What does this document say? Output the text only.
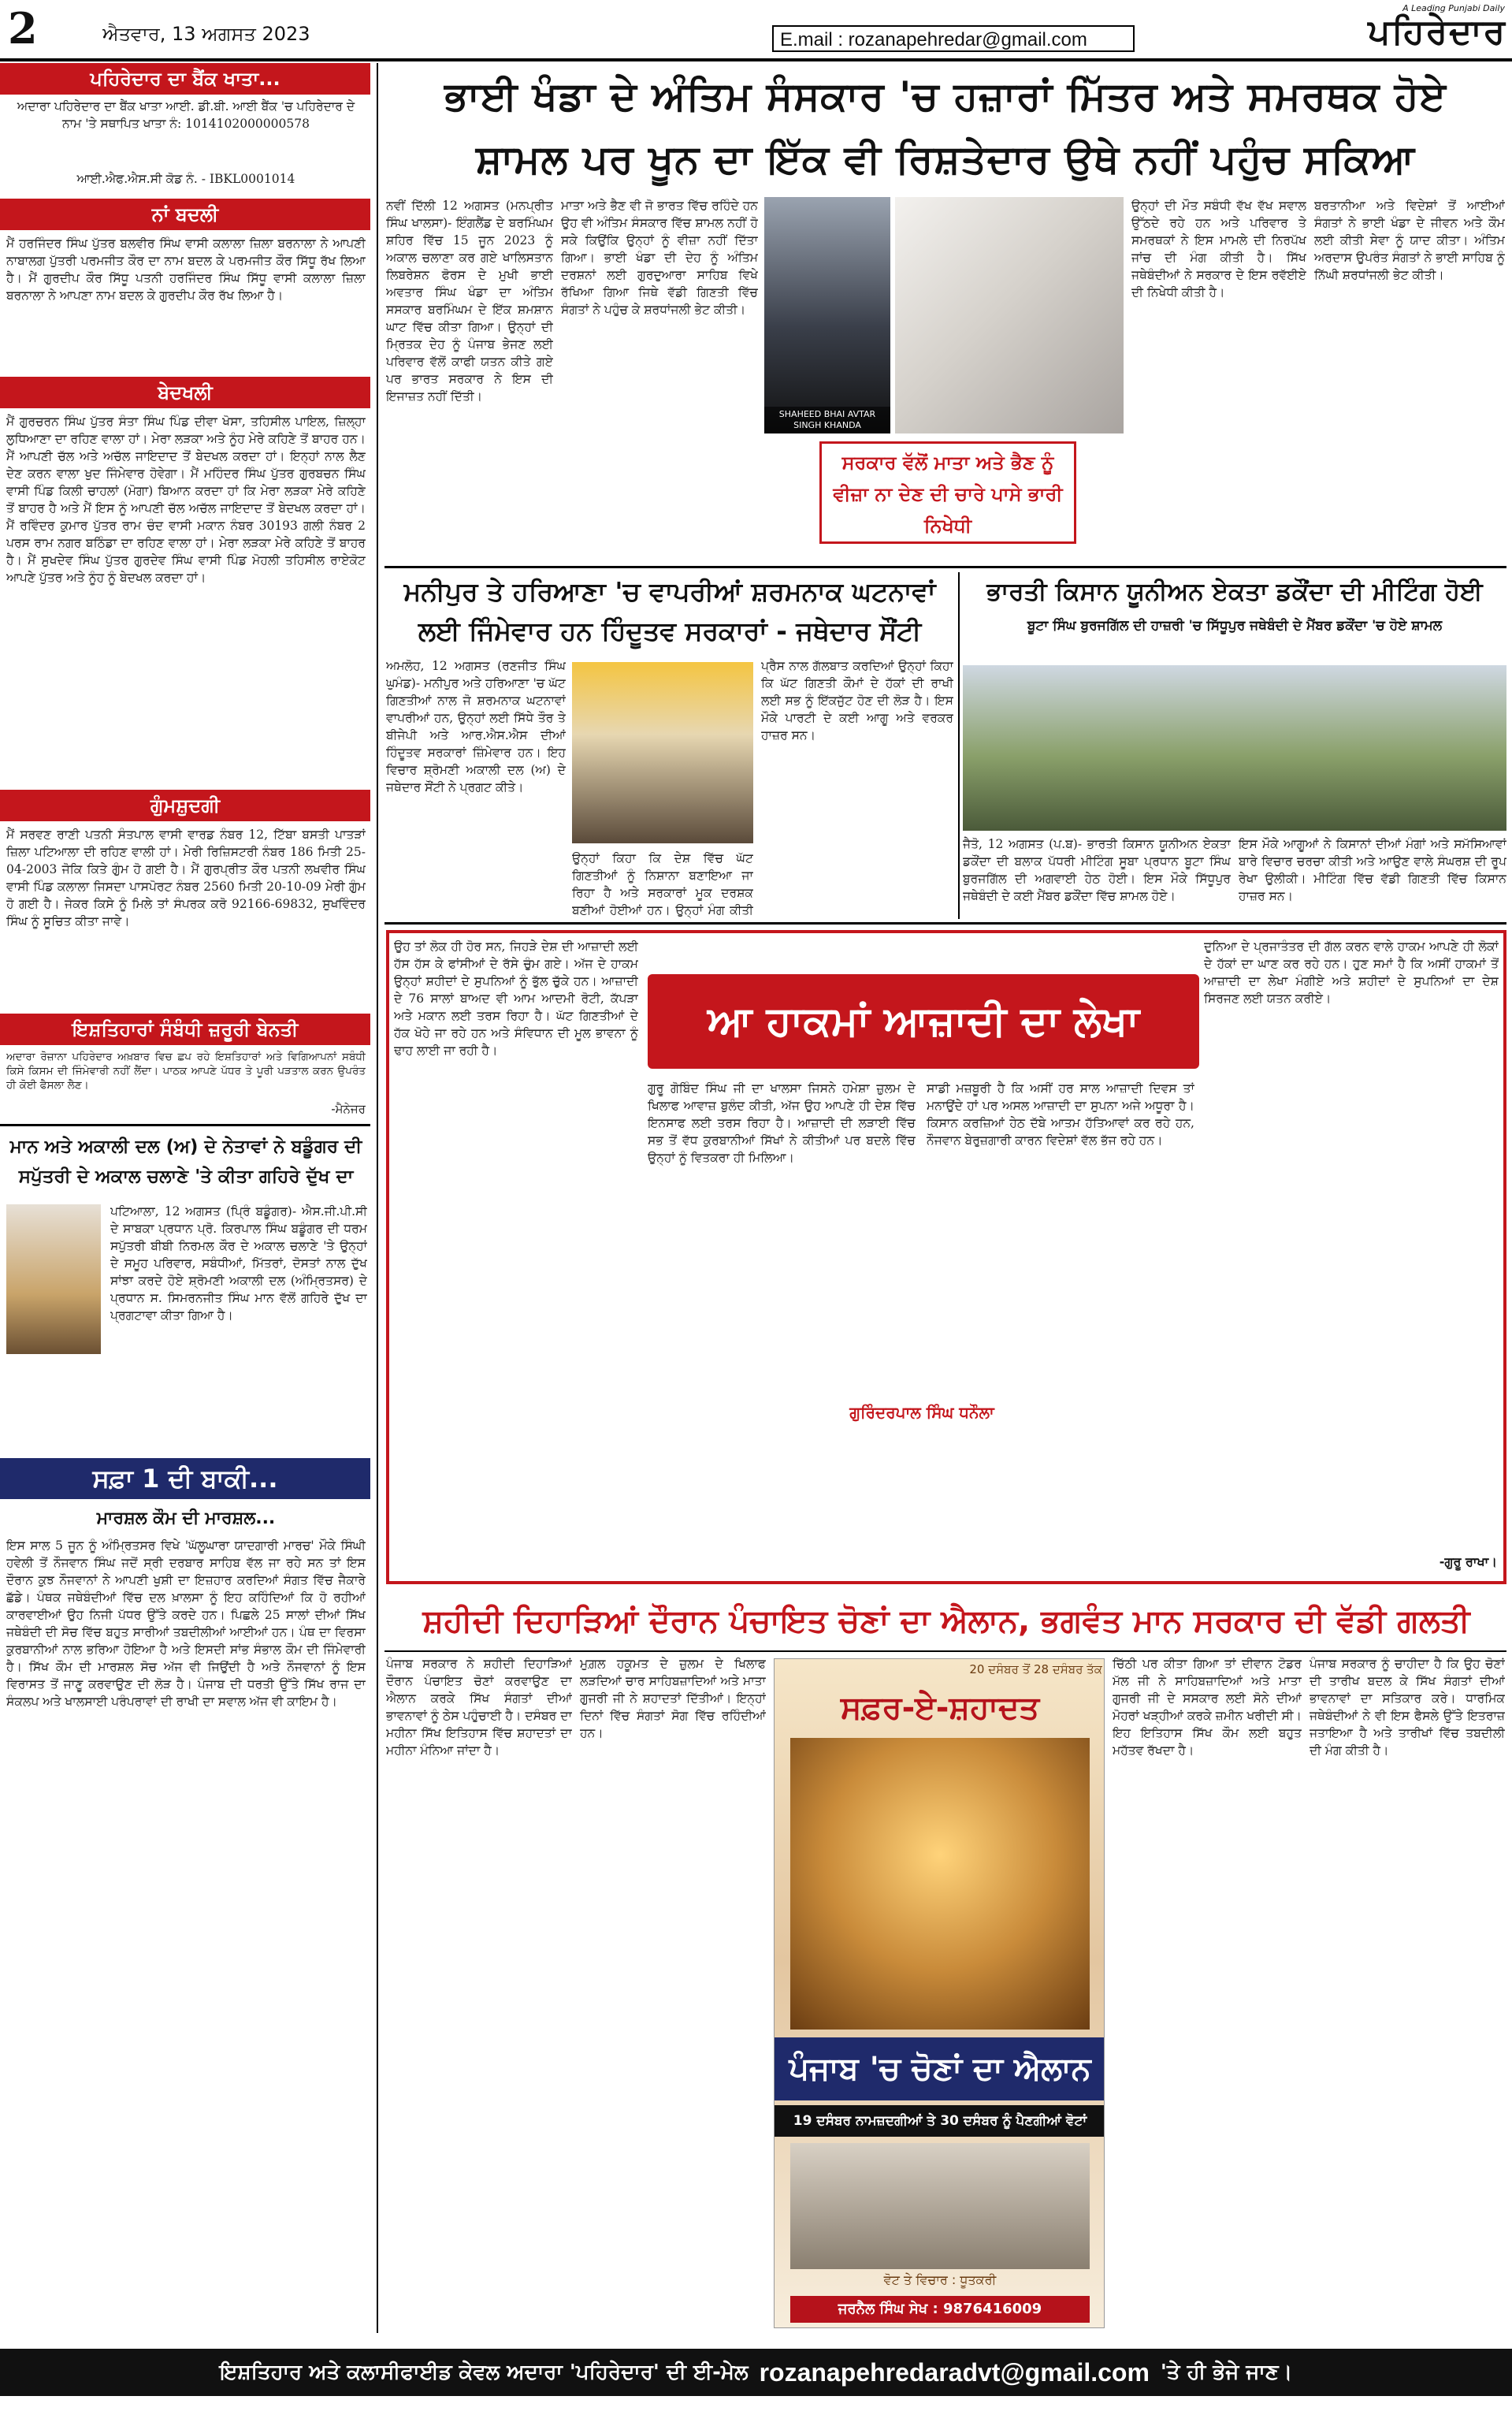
2	ਐਤਵਾਰ, 13 ਅਗਸਤ 2023	E.mail : rozanapehredar@gmail.com
A Leading Punjabi Daily
ਪਹਿਰੇਦਾਰ
ਪਹਿਰੇਦਾਰ ਦਾ ਬੈਂਕ ਖਾਤਾ...
ਅਦਾਰਾ ਪਹਿਰੇਦਾਰ ਦਾ ਬੈਂਕ ਖਾਤਾ ਆਈ. ਡੀ.ਬੀ. ਆਈ ਬੈਂਕ 'ਚ ਪਹਿਰੇਦਾਰ ਦੇ ਨਾਮ 'ਤੇ ਸਥਾਪਿਤ ਖਾਤਾ ਨੰ: 1014102000000578
ਆਈ.ਐਫ.ਐਸ.ਸੀ ਕੋਡ ਨੰ. - IBKL0001014
ਨਾਂ ਬਦਲੀ
ਮੈਂ ਹਰਜਿੰਦਰ ਸਿੰਘ ਪੁੱਤਰ ਬਲਵੀਰ ਸਿੰਘ ਵਾਸੀ ਕਲਾਲਾ ਜ਼ਿਲਾ ਬਰਨਾਲਾ ਨੇ ਆਪਣੀ ਨਾਬਾਲਗ ਪੁੱਤਰੀ ਪਰਮਜੀਤ ਕੌਰ ਦਾ ਨਾਮ ਬਦਲ ਕੇ ਪਰਮਜੀਤ ਕੌਰ ਸਿੱਧੂ ਰੱਖ ਲਿਆ ਹੈ। ਮੈਂ ਗੁਰਦੀਪ ਕੌਰ ਸਿੱਧੂ ਪਤਨੀ ਹਰਜਿੰਦਰ ਸਿੰਘ ਸਿੱਧੂ ਵਾਸੀ ਕਲਾਲਾ ਜ਼ਿਲਾ ਬਰਨਾਲਾ ਨੇ ਆਪਣਾ ਨਾਮ ਬਦਲ ਕੇ ਗੁਰਦੀਪ ਕੌਰ ਰੱਖ ਲਿਆ ਹੈ।
ਬੇਦਖਲੀ
ਮੈਂ ਗੁਰਚਰਨ ਸਿੰਘ ਪੁੱਤਰ ਸੰਤਾ ਸਿੰਘ ਪਿੰਡ ਦੀਵਾ ਖੋਸਾ, ਤਹਿਸੀਲ ਪਾਇਲ, ਜ਼ਿਲ੍ਹਾ ਲੁਧਿਆਣਾ ਦਾ ਰਹਿਣ ਵਾਲਾ ਹਾਂ। ਮੇਰਾ ਲੜਕਾ ਅਤੇ ਨੂੰਹ ਮੇਰੇ ਕਹਿਣੇ ਤੋਂ ਬਾਹਰ ਹਨ। ਮੈਂ ਆਪਣੀ ਚੱਲ ਅਤੇ ਅਚੱਲ ਜਾਇਦਾਦ ਤੋਂ ਬੇਦਖਲ ਕਰਦਾ ਹਾਂ। ਇਨ੍ਹਾਂ ਨਾਲ ਲੈਣ ਦੇਣ ਕਰਨ ਵਾਲਾ ਖੁਦ ਜਿੰਮੇਵਾਰ ਹੋਵੇਗਾ। ਮੈਂ ਮਹਿੰਦਰ ਸਿੰਘ ਪੁੱਤਰ ਗੁਰਬਚਨ ਸਿੰਘ ਵਾਸੀ ਪਿੰਡ ਕਿਲੀ ਚਾਹਲਾਂ (ਮੋਗਾ) ਬਿਆਨ ਕਰਦਾ ਹਾਂ ਕਿ ਮੇਰਾ ਲੜਕਾ ਮੇਰੇ ਕਹਿਣੇ ਤੋਂ ਬਾਹਰ ਹੈ ਅਤੇ ਮੈਂ ਇਸ ਨੂੰ ਆਪਣੀ ਚੱਲ ਅਚੱਲ ਜਾਇਦਾਦ ਤੋਂ ਬੇਦਖਲ ਕਰਦਾ ਹਾਂ। ਮੈਂ ਰਵਿੰਦਰ ਕੁਮਾਰ ਪੁੱਤਰ ਰਾਮ ਚੰਦ ਵਾਸੀ ਮਕਾਨ ਨੰਬਰ 30193 ਗਲੀ ਨੰਬਰ 2 ਪਰਸ ਰਾਮ ਨਗਰ ਬਠਿੰਡਾ ਦਾ ਰਹਿਣ ਵਾਲਾ ਹਾਂ। ਮੇਰਾ ਲੜਕਾ ਮੇਰੇ ਕਹਿਣੇ ਤੋਂ ਬਾਹਰ ਹੈ। ਮੈਂ ਸੁਖਦੇਵ ਸਿੰਘ ਪੁੱਤਰ ਗੁਰਦੇਵ ਸਿੰਘ ਵਾਸੀ ਪਿੰਡ ਮੋਹਲੀ ਤਹਿਸੀਲ ਰਾਏਕੋਟ ਆਪਣੇ ਪੁੱਤਰ ਅਤੇ ਨੂੰਹ ਨੂੰ ਬੇਦਖਲ ਕਰਦਾ ਹਾਂ।
ਗੁੰਮਸ਼ੁਦਗੀ
ਮੈਂ ਸਰਵਣ ਰਾਣੀ ਪਤਨੀ ਸੰਤਪਾਲ ਵਾਸੀ ਵਾਰਡ ਨੰਬਰ 12, ਟਿੱਬਾ ਬਸਤੀ ਪਾਤੜਾਂ ਜ਼ਿਲਾ ਪਟਿਆਲਾ ਦੀ ਰਹਿਣ ਵਾਲੀ ਹਾਂ। ਮੇਰੀ ਰਿਜ਼ਿਸਟਰੀ ਨੰਬਰ 186 ਮਿਤੀ 25-04-2003 ਜੋਕਿ ਕਿਤੇ ਗੁੰਮ ਹੋ ਗਈ ਹੈ। ਮੈਂ ਗੁਰਪ੍ਰੀਤ ਕੌਰ ਪਤਨੀ ਲਖਵੀਰ ਸਿੰਘ ਵਾਸੀ ਪਿੰਡ ਕਲਾਲਾ ਜਿਸਦਾ ਪਾਸਪੋਰਟ ਨੰਬਰ 2560 ਮਿਤੀ 20-10-09 ਮੇਰੀ ਗੁੰਮ ਹੋ ਗਈ ਹੈ। ਜੇਕਰ ਕਿਸੇ ਨੂੰ ਮਿਲੇ ਤਾਂ ਸੰਪਰਕ ਕਰੋ 92166-69832, ਸੁਖਵਿੰਦਰ ਸਿੰਘ ਨੂੰ ਸੂਚਿਤ ਕੀਤਾ ਜਾਵੇ।
ਇਸ਼ਤਿਹਾਰਾਂ ਸੰਬੰਧੀ ਜ਼ਰੂਰੀ ਬੇਨਤੀ
ਅਦਾਰਾ ਰੋਜ਼ਾਨਾ ਪਹਿਰੇਦਾਰ ਅਖ਼ਬਾਰ ਵਿਚ ਛਪ ਰਹੇ ਇਸ਼ਤਿਹਾਰਾਂ ਅਤੇ ਵਿਗਿਆਪਨਾਂ ਸਬੰਧੀ ਕਿਸੇ ਕਿਸਮ ਦੀ ਜਿੰਮੇਵਾਰੀ ਨਹੀਂ ਲੈਂਦਾ। ਪਾਠਕ ਆਪਣੇ ਪੱਧਰ ਤੇ ਪੂਰੀ ਪੜਤਾਲ ਕਰਨ ਉਪਰੰਤ ਹੀ ਕੋਈ ਫੈਸਲਾ ਲੈਣ।
-ਮੈਨੇਜਰ
ਮਾਨ ਅਤੇ ਅਕਾਲੀ ਦਲ (ਅ) ਦੇ ਨੇਤਾਵਾਂ ਨੇ ਬਡੂੰਗਰ ਦੀ ਸਪੁੱਤਰੀ ਦੇ ਅਕਾਲ ਚਲਾਣੇ 'ਤੇ ਕੀਤਾ ਗਹਿਰੇ ਦੁੱਖ ਦਾ
ਪਟਿਆਲਾ, 12 ਅਗਸਤ (ਪ੍ਰਿੰ ਬਡੂੰਗਰ)- ਐਸ.ਜੀ.ਪੀ.ਸੀ ਦੇ ਸਾਬਕਾ ਪ੍ਰਧਾਨ ਪ੍ਰੋ. ਕਿਰਪਾਲ ਸਿੰਘ ਬਡੂੰਗਰ ਦੀ ਧਰਮ ਸਪੁੱਤਰੀ ਬੀਬੀ ਨਿਰਮਲ ਕੌਰ ਦੇ ਅਕਾਲ ਚਲਾਣੇ 'ਤੇ ਉਨ੍ਹਾਂ ਦੇ ਸਮੂਹ ਪਰਿਵਾਰ, ਸਬੰਧੀਆਂ, ਮਿੱਤਰਾਂ, ਦੋਸਤਾਂ ਨਾਲ ਦੁੱਖ ਸਾਂਝਾ ਕਰਦੇ ਹੋਏ ਸ਼੍ਰੋਮਣੀ ਅਕਾਲੀ ਦਲ (ਅੰਮ੍ਰਿਤਸਰ) ਦੇ ਪ੍ਰਧਾਨ ਸ. ਸਿਮਰਨਜੀਤ ਸਿੰਘ ਮਾਨ ਵੱਲੋਂ ਗਹਿਰੇ ਦੁੱਖ ਦਾ ਪ੍ਰਗਟਾਵਾ ਕੀਤਾ ਗਿਆ ਹੈ।
ਸਫ਼ਾ 1 ਦੀ ਬਾਕੀ...
ਮਾਰਸ਼ਲ ਕੌਮ ਦੀ ਮਾਰਸ਼ਲ...
ਇਸ ਸਾਲ 5 ਜੂਨ ਨੂੰ ਅੰਮ੍ਰਿਤਸਰ ਵਿਖੇ 'ਘੱਲੂਘਾਰਾ ਯਾਦਗਾਰੀ ਮਾਰਚ' ਮੌਕੇ ਸਿੰਘੀ ਹਵੇਲੀ ਤੋਂ ਨੌਜਵਾਨ ਸਿੰਘ ਜਦੋਂ ਸ੍ਰੀ ਦਰਬਾਰ ਸਾਹਿਬ ਵੱਲ ਜਾ ਰਹੇ ਸਨ ਤਾਂ ਇਸ ਦੌਰਾਨ ਕੁਝ ਨੌਜਵਾਨਾਂ ਨੇ ਆਪਣੀ ਖੁਸ਼ੀ ਦਾ ਇਜ਼ਹਾਰ ਕਰਦਿਆਂ ਸੰਗਤ ਵਿੱਚ ਜੈਕਾਰੇ ਛੱਡੇ। ਪੰਥਕ ਜਥੇਬੰਦੀਆਂ ਵਿੱਚ ਦਲ ਖ਼ਾਲਸਾ ਨੂੰ ਇਹ ਕਹਿੰਦਿਆਂ ਕਿ ਹੋ ਰਹੀਆਂ ਕਾਰਵਾਈਆਂ ਉਹ ਨਿਜੀ ਪੱਧਰ ਉੱਤੇ ਕਰਦੇ ਹਨ। ਪਿਛਲੇ 25 ਸਾਲਾਂ ਦੀਆਂ ਸਿੱਖ ਜਥੇਬੰਦੀ ਦੀ ਸੋਚ ਵਿੱਚ ਬਹੁਤ ਸਾਰੀਆਂ ਤਬਦੀਲੀਆਂ ਆਈਆਂ ਹਨ। ਪੰਥ ਦਾ ਵਿਰਸਾ ਕੁਰਬਾਨੀਆਂ ਨਾਲ ਭਰਿਆ ਹੋਇਆ ਹੈ ਅਤੇ ਇਸਦੀ ਸਾਂਭ ਸੰਭਾਲ ਕੌਮ ਦੀ ਜਿੰਮੇਵਾਰੀ ਹੈ। ਸਿੱਖ ਕੌਮ ਦੀ ਮਾਰਸ਼ਲ ਸੋਚ ਅੱਜ ਵੀ ਜਿਉਂਦੀ ਹੈ ਅਤੇ ਨੌਜਵਾਨਾਂ ਨੂੰ ਇਸ ਵਿਰਾਸਤ ਤੋਂ ਜਾਣੂ ਕਰਵਾਉਣ ਦੀ ਲੋੜ ਹੈ। ਪੰਜਾਬ ਦੀ ਧਰਤੀ ਉੱਤੇ ਸਿੱਖ ਰਾਜ ਦਾ ਸੰਕਲਪ ਅਤੇ ਖਾਲਸਾਈ ਪਰੰਪਰਾਵਾਂ ਦੀ ਰਾਖੀ ਦਾ ਸਵਾਲ ਅੱਜ ਵੀ ਕਾਇਮ ਹੈ।
ਭਾਈ ਖੰਡਾ ਦੇ ਅੰਤਿਮ ਸੰਸਕਾਰ 'ਚ ਹਜ਼ਾਰਾਂ ਮਿੱਤਰ ਅਤੇ ਸਮਰਥਕ ਹੋਏ
ਸ਼ਾਮਲ ਪਰ ਖੂਨ ਦਾ ਇੱਕ ਵੀ ਰਿਸ਼ਤੇਦਾਰ ਉਥੇ ਨਹੀਂ ਪਹੁੰਚ ਸਕਿਆ
ਨਵੀਂ ਦਿੱਲੀ 12 ਅਗਸਤ (ਮਨਪ੍ਰੀਤ ਸਿੰਘ ਖਾਲਸਾ)- ਇੰਗਲੈਂਡ ਦੇ ਬਰਮਿੰਘਮ ਸ਼ਹਿਰ ਵਿੱਚ 15 ਜੂਨ 2023 ਨੂੰ ਅਕਾਲ ਚਲਾਣਾ ਕਰ ਗਏ ਖਾਲਿਸਤਾਨ ਲਿਬਰੇਸ਼ਨ ਫੋਰਸ ਦੇ ਮੁਖੀ ਭਾਈ ਅਵਤਾਰ ਸਿੰਘ ਖੰਡਾ ਦਾ ਅੰਤਿਮ ਸਸਕਾਰ ਬਰਮਿੰਘਮ ਦੇ ਇੱਕ ਸ਼ਮਸ਼ਾਨ ਘਾਟ ਵਿੱਚ ਕੀਤਾ ਗਿਆ। ਉਨ੍ਹਾਂ ਦੀ ਮ੍ਰਿਤਕ ਦੇਹ ਨੂੰ ਪੰਜਾਬ ਭੇਜਣ ਲਈ ਪਰਿਵਾਰ ਵੱਲੋਂ ਕਾਫੀ ਯਤਨ ਕੀਤੇ ਗਏ ਪਰ ਭਾਰਤ ਸਰਕਾਰ ਨੇ ਇਸ ਦੀ ਇਜਾਜ਼ਤ ਨਹੀਂ ਦਿੱਤੀ।
ਮਾਤਾ ਅਤੇ ਭੈਣ ਵੀ ਜੋ ਭਾਰਤ ਵਿੱਚ ਰਹਿੰਦੇ ਹਨ ਉਹ ਵੀ ਅੰਤਿਮ ਸੰਸਕਾਰ ਵਿੱਚ ਸ਼ਾਮਲ ਨਹੀਂ ਹੋ ਸਕੇ ਕਿਉਂਕਿ ਉਨ੍ਹਾਂ ਨੂੰ ਵੀਜ਼ਾ ਨਹੀਂ ਦਿੱਤਾ ਗਿਆ। ਭਾਈ ਖੰਡਾ ਦੀ ਦੇਹ ਨੂੰ ਅੰਤਿਮ ਦਰਸ਼ਨਾਂ ਲਈ ਗੁਰਦੁਆਰਾ ਸਾਹਿਬ ਵਿਖੇ ਰੱਖਿਆ ਗਿਆ ਜਿਥੇ ਵੱਡੀ ਗਿਣਤੀ ਵਿੱਚ ਸੰਗਤਾਂ ਨੇ ਪਹੁੰਚ ਕੇ ਸ਼ਰਧਾਂਜਲੀ ਭੇਟ ਕੀਤੀ।
SHAHEED BHAI AVTAR SINGH KHANDA
ਸਰਕਾਰ ਵੱਲੋਂ ਮਾਤਾ ਅਤੇ ਭੈਣ ਨੂੰ ਵੀਜ਼ਾ ਨਾ ਦੇਣ ਦੀ ਚਾਰੇ ਪਾਸੇ ਭਾਰੀ ਨਿਖੇਧੀ
ਉਨ੍ਹਾਂ ਦੀ ਮੌਤ ਸਬੰਧੀ ਵੱਖ ਵੱਖ ਸਵਾਲ ਉੱਠਦੇ ਰਹੇ ਹਨ ਅਤੇ ਪਰਿਵਾਰ ਤੇ ਸਮਰਥਕਾਂ ਨੇ ਇਸ ਮਾਮਲੇ ਦੀ ਨਿਰਪੱਖ ਜਾਂਚ ਦੀ ਮੰਗ ਕੀਤੀ ਹੈ। ਸਿੱਖ ਜਥੇਬੰਦੀਆਂ ਨੇ ਸਰਕਾਰ ਦੇ ਇਸ ਰਵੱਈਏ ਦੀ ਨਿਖੇਧੀ ਕੀਤੀ ਹੈ।
ਬਰਤਾਨੀਆ ਅਤੇ ਵਿਦੇਸ਼ਾਂ ਤੋਂ ਆਈਆਂ ਸੰਗਤਾਂ ਨੇ ਭਾਈ ਖੰਡਾ ਦੇ ਜੀਵਨ ਅਤੇ ਕੌਮ ਲਈ ਕੀਤੀ ਸੇਵਾ ਨੂੰ ਯਾਦ ਕੀਤਾ। ਅੰਤਿਮ ਅਰਦਾਸ ਉਪਰੰਤ ਸੰਗਤਾਂ ਨੇ ਭਾਈ ਸਾਹਿਬ ਨੂੰ ਨਿੱਘੀ ਸ਼ਰਧਾਂਜਲੀ ਭੇਟ ਕੀਤੀ।
ਮਨੀਪੁਰ ਤੇ ਹਰਿਆਣਾ 'ਚ ਵਾਪਰੀਆਂ ਸ਼ਰਮਨਾਕ ਘਟਨਾਵਾਂ
ਲਈ ਜਿੰਮੇਵਾਰ ਹਨ ਹਿੰਦੂਤਵ ਸਰਕਾਰਾਂ - ਜਥੇਦਾਰ ਸੌਂਟੀ
ਅਮਲੋਹ, 12 ਅਗਸਤ (ਰਣਜੀਤ ਸਿੰਘ ਘੁਮੰਡ)- ਮਨੀਪੁਰ ਅਤੇ ਹਰਿਆਣਾ 'ਚ ਘੱਟ ਗਿਣਤੀਆਂ ਨਾਲ ਜੋ ਸ਼ਰਮਨਾਕ ਘਟਨਾਵਾਂ ਵਾਪਰੀਆਂ ਹਨ, ਉਨ੍ਹਾਂ ਲਈ ਸਿੱਧੇ ਤੌਰ ਤੇ ਬੀਜੇਪੀ ਅਤੇ ਆਰ.ਐਸ.ਐਸ ਦੀਆਂ ਹਿੰਦੂਤਵ ਸਰਕਾਰਾਂ ਜ਼ਿੰਮੇਵਾਰ ਹਨ। ਇਹ ਵਿਚਾਰ ਸ਼੍ਰੋਮਣੀ ਅਕਾਲੀ ਦਲ (ਅ) ਦੇ ਜਥੇਦਾਰ ਸੌਂਟੀ ਨੇ ਪ੍ਰਗਟ ਕੀਤੇ।
ਉਨ੍ਹਾਂ ਕਿਹਾ ਕਿ ਦੇਸ਼ ਵਿੱਚ ਘੱਟ ਗਿਣਤੀਆਂ ਨੂੰ ਨਿਸ਼ਾਨਾ ਬਣਾਇਆ ਜਾ ਰਿਹਾ ਹੈ ਅਤੇ ਸਰਕਾਰਾਂ ਮੂਕ ਦਰਸ਼ਕ ਬਣੀਆਂ ਹੋਈਆਂ ਹਨ। ਉਨ੍ਹਾਂ ਮੰਗ ਕੀਤੀ
ਪ੍ਰੈਸ ਨਾਲ ਗੱਲਬਾਤ ਕਰਦਿਆਂ ਉਨ੍ਹਾਂ ਕਿਹਾ ਕਿ ਘੱਟ ਗਿਣਤੀ ਕੌਮਾਂ ਦੇ ਹੱਕਾਂ ਦੀ ਰਾਖੀ ਲਈ ਸਭ ਨੂੰ ਇੱਕਜੁੱਟ ਹੋਣ ਦੀ ਲੋੜ ਹੈ। ਇਸ ਮੌਕੇ ਪਾਰਟੀ ਦੇ ਕਈ ਆਗੂ ਅਤੇ ਵਰਕਰ ਹਾਜ਼ਰ ਸਨ।
ਭਾਰਤੀ ਕਿਸਾਨ ਯੂਨੀਅਨ ਏਕਤਾ ਡਕੌਂਦਾ ਦੀ ਮੀਟਿੰਗ ਹੋਈ
ਬੂਟਾ ਸਿੰਘ ਬੁਰਜਗਿੱਲ ਦੀ ਹਾਜ਼ਰੀ 'ਚ ਸਿੱਧੂਪੁਰ ਜਥੇਬੰਦੀ ਦੇ ਮੈਂਬਰ ਡਕੌਂਦਾ 'ਚ ਹੋਏ ਸ਼ਾਮਲ
ਜੈਤੋ, 12 ਅਗਸਤ (ਪ.ਬ)- ਭਾਰਤੀ ਕਿਸਾਨ ਯੂਨੀਅਨ ਏਕਤਾ ਡਕੌਂਦਾ ਦੀ ਬਲਾਕ ਪੱਧਰੀ ਮੀਟਿੰਗ ਸੂਬਾ ਪ੍ਰਧਾਨ ਬੂਟਾ ਸਿੰਘ ਬੁਰਜਗਿੱਲ ਦੀ ਅਗਵਾਈ ਹੇਠ ਹੋਈ। ਇਸ ਮੌਕੇ ਸਿੱਧੂਪੁਰ ਜਥੇਬੰਦੀ ਦੇ ਕਈ ਮੈਂਬਰ ਡਕੌਂਦਾ ਵਿੱਚ ਸ਼ਾਮਲ ਹੋਏ।
ਇਸ ਮੌਕੇ ਆਗੂਆਂ ਨੇ ਕਿਸਾਨਾਂ ਦੀਆਂ ਮੰਗਾਂ ਅਤੇ ਸਮੱਸਿਆਵਾਂ ਬਾਰੇ ਵਿਚਾਰ ਚਰਚਾ ਕੀਤੀ ਅਤੇ ਆਉਣ ਵਾਲੇ ਸੰਘਰਸ਼ ਦੀ ਰੂਪ ਰੇਖਾ ਉਲੀਕੀ। ਮੀਟਿੰਗ ਵਿੱਚ ਵੱਡੀ ਗਿਣਤੀ ਵਿੱਚ ਕਿਸਾਨ ਹਾਜ਼ਰ ਸਨ।
ਉਹ ਤਾਂ ਲੋਕ ਹੀ ਹੋਰ ਸਨ, ਜਿਹੜੇ ਦੇਸ਼ ਦੀ ਆਜ਼ਾਦੀ ਲਈ ਹੱਸ ਹੱਸ ਕੇ ਫਾਂਸੀਆਂ ਦੇ ਰੱਸੇ ਚੁੰਮ ਗਏ। ਅੱਜ ਦੇ ਹਾਕਮ ਉਨ੍ਹਾਂ ਸ਼ਹੀਦਾਂ ਦੇ ਸੁਪਨਿਆਂ ਨੂੰ ਭੁੱਲ ਚੁੱਕੇ ਹਨ। ਆਜ਼ਾਦੀ ਦੇ 76 ਸਾਲਾਂ ਬਾਅਦ ਵੀ ਆਮ ਆਦਮੀ ਰੋਟੀ, ਕੱਪੜਾ ਅਤੇ ਮਕਾਨ ਲਈ ਤਰਸ ਰਿਹਾ ਹੈ। ਘੱਟ ਗਿਣਤੀਆਂ ਦੇ ਹੱਕ ਖੋਹੇ ਜਾ ਰਹੇ ਹਨ ਅਤੇ ਸੰਵਿਧਾਨ ਦੀ ਮੂਲ ਭਾਵਨਾ ਨੂੰ ਢਾਹ ਲਾਈ ਜਾ ਰਹੀ ਹੈ।
ਆ ਹਾਕਮਾਂ ਆਜ਼ਾਦੀ ਦਾ ਲੇਖਾ
ਗੁਰੂ ਗੋਬਿੰਦ ਸਿੰਘ ਜੀ ਦਾ ਖਾਲਸਾ ਜਿਸਨੇ ਹਮੇਸ਼ਾ ਜ਼ੁਲਮ ਦੇ ਖਿਲਾਫ ਆਵਾਜ਼ ਬੁਲੰਦ ਕੀਤੀ, ਅੱਜ ਉਹ ਆਪਣੇ ਹੀ ਦੇਸ਼ ਵਿੱਚ ਇਨਸਾਫ ਲਈ ਤਰਸ ਰਿਹਾ ਹੈ। ਆਜ਼ਾਦੀ ਦੀ ਲੜਾਈ ਵਿੱਚ ਸਭ ਤੋਂ ਵੱਧ ਕੁਰਬਾਨੀਆਂ ਸਿੱਖਾਂ ਨੇ ਕੀਤੀਆਂ ਪਰ ਬਦਲੇ ਵਿੱਚ ਉਨ੍ਹਾਂ ਨੂੰ ਵਿਤਕਰਾ ਹੀ ਮਿਲਿਆ।
ਗੁਰਿੰਦਰਪਾਲ ਸਿੰਘ ਧਨੌਲਾ
ਸਾਡੀ ਮਜ਼ਬੂਰੀ ਹੈ ਕਿ ਅਸੀਂ ਹਰ ਸਾਲ ਆਜ਼ਾਦੀ ਦਿਵਸ ਤਾਂ ਮਨਾਉਂਦੇ ਹਾਂ ਪਰ ਅਸਲ ਆਜ਼ਾਦੀ ਦਾ ਸੁਪਨਾ ਅਜੇ ਅਧੂਰਾ ਹੈ। ਕਿਸਾਨ ਕਰਜ਼ਿਆਂ ਹੇਠ ਦੱਬੇ ਆਤਮ ਹੱਤਿਆਵਾਂ ਕਰ ਰਹੇ ਹਨ, ਨੌਜਵਾਨ ਬੇਰੁਜ਼ਗਾਰੀ ਕਾਰਨ ਵਿਦੇਸ਼ਾਂ ਵੱਲ ਭੱਜ ਰਹੇ ਹਨ।
ਦੁਨਿਆ ਦੇ ਪ੍ਰਜਾਤੰਤਰ ਦੀ ਗੱਲ ਕਰਨ ਵਾਲੇ ਹਾਕਮ ਆਪਣੇ ਹੀ ਲੋਕਾਂ ਦੇ ਹੱਕਾਂ ਦਾ ਘਾਣ ਕਰ ਰਹੇ ਹਨ। ਹੁਣ ਸਮਾਂ ਹੈ ਕਿ ਅਸੀਂ ਹਾਕਮਾਂ ਤੋਂ ਆਜ਼ਾਦੀ ਦਾ ਲੇਖਾ ਮੰਗੀਏ ਅਤੇ ਸ਼ਹੀਦਾਂ ਦੇ ਸੁਪਨਿਆਂ ਦਾ ਦੇਸ਼ ਸਿਰਜਣ ਲਈ ਯਤਨ ਕਰੀਏ।
-ਗੁਰੂ ਰਾਖਾ।
ਸ਼ਹੀਦੀ ਦਿਹਾੜਿਆਂ ਦੌਰਾਨ ਪੰਚਾਇਤ ਚੋਣਾਂ ਦਾ ਐਲਾਨ, ਭਗਵੰਤ ਮਾਨ ਸਰਕਾਰ ਦੀ ਵੱਡੀ ਗਲਤੀ
ਪੰਜਾਬ ਸਰਕਾਰ ਨੇ ਸ਼ਹੀਦੀ ਦਿਹਾੜਿਆਂ ਦੌਰਾਨ ਪੰਚਾਇਤ ਚੋਣਾਂ ਕਰਵਾਉਣ ਦਾ ਐਲਾਨ ਕਰਕੇ ਸਿੱਖ ਸੰਗਤਾਂ ਦੀਆਂ ਭਾਵਨਾਵਾਂ ਨੂੰ ਠੇਸ ਪਹੁੰਚਾਈ ਹੈ। ਦਸੰਬਰ ਦਾ ਮਹੀਨਾ ਸਿੱਖ ਇਤਿਹਾਸ ਵਿੱਚ ਸ਼ਹਾਦਤਾਂ ਦਾ ਮਹੀਨਾ ਮੰਨਿਆ ਜਾਂਦਾ ਹੈ।
ਮੁਗ਼ਲ ਹਕੂਮਤ ਦੇ ਜ਼ੁਲਮ ਦੇ ਖਿਲਾਫ ਲੜਦਿਆਂ ਚਾਰ ਸਾਹਿਬਜ਼ਾਦਿਆਂ ਅਤੇ ਮਾਤਾ ਗੁਜਰੀ ਜੀ ਨੇ ਸ਼ਹਾਦਤਾਂ ਦਿੱਤੀਆਂ। ਇਨ੍ਹਾਂ ਦਿਨਾਂ ਵਿੱਚ ਸੰਗਤਾਂ ਸੋਗ ਵਿੱਚ ਰਹਿੰਦੀਆਂ ਹਨ।
20 ਦਸੰਬਰ ਤੋਂ 28 ਦਸੰਬਰ ਤੱਕ
ਸਫ਼ਰ-ਏ-ਸ਼ਹਾਦਤ
ਪੰਜਾਬ 'ਚ ਚੋਣਾਂ ਦਾ ਐਲਾਨ
19 ਦਸੰਬਰ ਨਾਮਜ਼ਦਗੀਆਂ ਤੇ 30 ਦਸੰਬਰ ਨੂੰ ਪੈਣਗੀਆਂ ਵੋਟਾਂ
ਵੋਟ ਤੇ ਵਿਚਾਰ : ਧੂਤਕਰੀ
ਜਰਨੈਲ ਸਿੰਘ ਸੇਖ : 9876416009
ਚਿੱਠੀ ਪਰ ਕੀਤਾ ਗਿਆ ਤਾਂ ਦੀਵਾਨ ਟੋਡਰ ਮੱਲ ਜੀ ਨੇ ਸਾਹਿਬਜ਼ਾਦਿਆਂ ਅਤੇ ਮਾਤਾ ਗੁਜਰੀ ਜੀ ਦੇ ਸਸਕਾਰ ਲਈ ਸੋਨੇ ਦੀਆਂ ਮੋਹਰਾਂ ਖੜ੍ਹੀਆਂ ਕਰਕੇ ਜ਼ਮੀਨ ਖਰੀਦੀ ਸੀ। ਇਹ ਇਤਿਹਾਸ ਸਿੱਖ ਕੌਮ ਲਈ ਬਹੁਤ ਮਹੱਤਵ ਰੱਖਦਾ ਹੈ।
ਪੰਜਾਬ ਸਰਕਾਰ ਨੂੰ ਚਾਹੀਦਾ ਹੈ ਕਿ ਉਹ ਚੋਣਾਂ ਦੀ ਤਾਰੀਖ ਬਦਲ ਕੇ ਸਿੱਖ ਸੰਗਤਾਂ ਦੀਆਂ ਭਾਵਨਾਵਾਂ ਦਾ ਸਤਿਕਾਰ ਕਰੇ। ਧਾਰਮਿਕ ਜਥੇਬੰਦੀਆਂ ਨੇ ਵੀ ਇਸ ਫੈਸਲੇ ਉੱਤੇ ਇਤਰਾਜ਼ ਜਤਾਇਆ ਹੈ ਅਤੇ ਤਾਰੀਖਾਂ ਵਿੱਚ ਤਬਦੀਲੀ ਦੀ ਮੰਗ ਕੀਤੀ ਹੈ।
ਇਸ਼ਤਿਹਾਰ ਅਤੇ ਕਲਾਸੀਫਾਈਡ ਕੇਵਲ ਅਦਾਰਾ 'ਪਹਿਰੇਦਾਰ' ਦੀ ਈ-ਮੇਲ rozanapehredaradvt@gmail.com 'ਤੇ ਹੀ ਭੇਜੇ ਜਾਣ।
